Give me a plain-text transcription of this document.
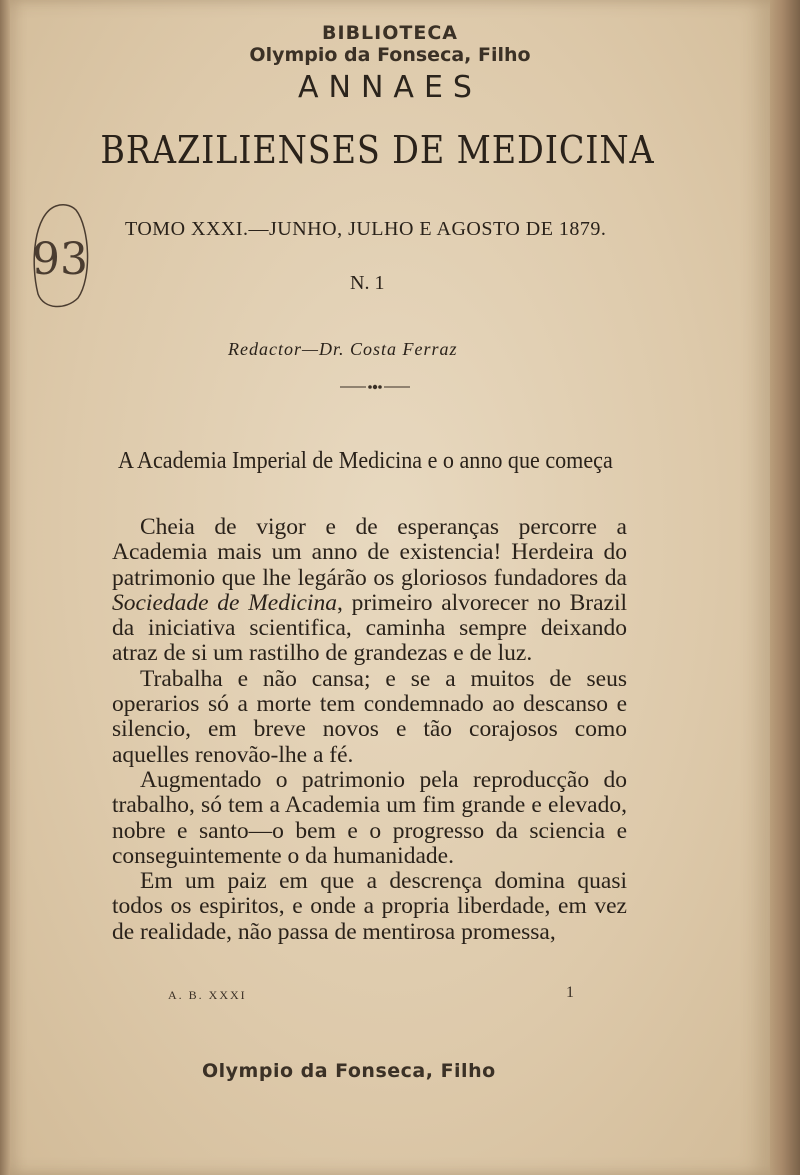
BIBLIOTECA
Olympio da Fonseca, Filho
ANNAES
BRAZILIENSES DE MEDICINA
93
TOMO XXXI.—JUNHO, JULHO E AGOSTO DE 1879.
N. 1
Redactor—Dr. Costa Ferraz
A Academia Imperial de Medicina e o anno que começa

Cheia de vigor e de esperanças percorre a Academia mais um anno de existencia! Herdeira do patrimonio que lhe legárão os gloriosos fundadores da Sociedade de Medicina, primeiro alvorecer no Brazil da iniciativa scientifica, caminha sempre deixando atraz de si um rastilho de grandezas e de luz.

Trabalha e não cansa; e se a muitos de seus operarios só a morte tem condemnado ao descanso e silencio, em breve novos e tão corajosos como aquelles renovão-lhe a fé.

Augmentado o patrimonio pela reproducção do trabalho, só tem a Academia um fim grande e elevado, nobre e santo—o bem e o progresso da sciencia e conseguintemente o da humanidade.

Em um paiz em que a descrença domina quasi todos os espiritos, e onde a propria liberdade, em vez de realidade, não passa de mentirosa promessa,

A. B. XXXI	1
Olympio da Fonseca, Filho
